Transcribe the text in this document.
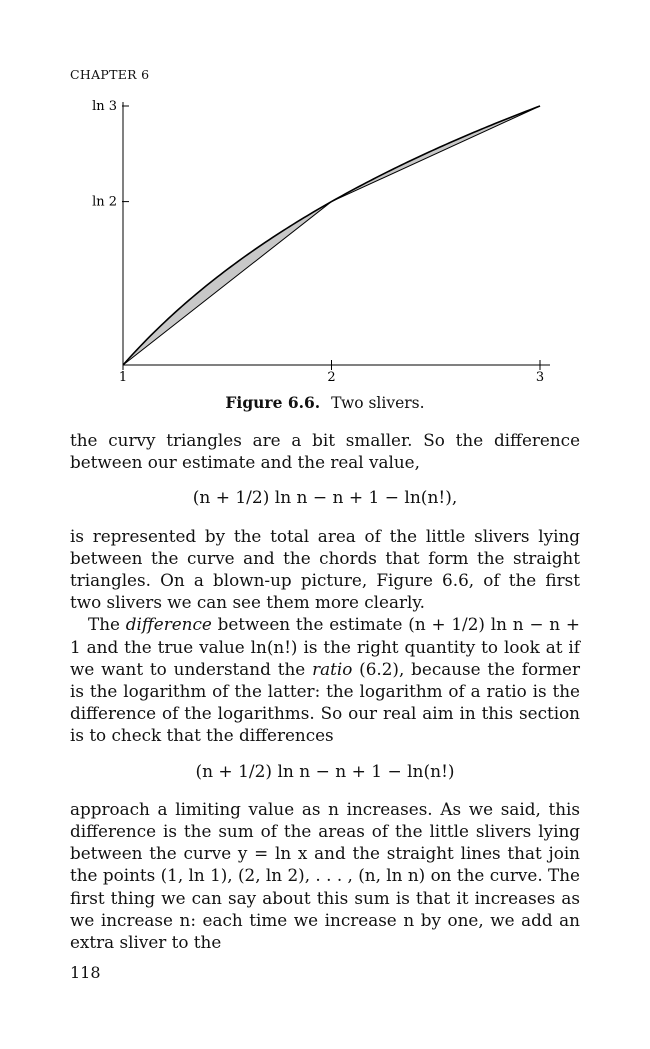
CHAPTER 6
1	2	3
ln 2
ln 3
Figure 6.6. Two slivers.

the curvy triangles are a bit smaller. So the difference between our estimate and the real value,

(n + 1/2) ln n − n + 1 − ln(n!),

is represented by the total area of the little slivers lying between the curve and the chords that form the straight triangles. On a blown-up picture, Figure 6.6, of the first two slivers we can see them more clearly.

The difference between the estimate (n + 1/2) ln n − n + 1 and the true value ln(n!) is the right quantity to look at if we want to understand the ratio (6.2), because the former is the logarithm of the latter: the logarithm of a ratio is the difference of the logarithms. So our real aim in this section is to check that the differences

(n + 1/2) ln n − n + 1 − ln(n!)

approach a limiting value as n increases. As we said, this difference is the sum of the areas of the little slivers lying between the curve y = ln x and the straight lines that join the points (1, ln 1), (2, ln 2), . . . , (n, ln n) on the curve. The first thing we can say about this sum is that it increases as we increase n: each time we increase n by one, we add an extra sliver to the

118
